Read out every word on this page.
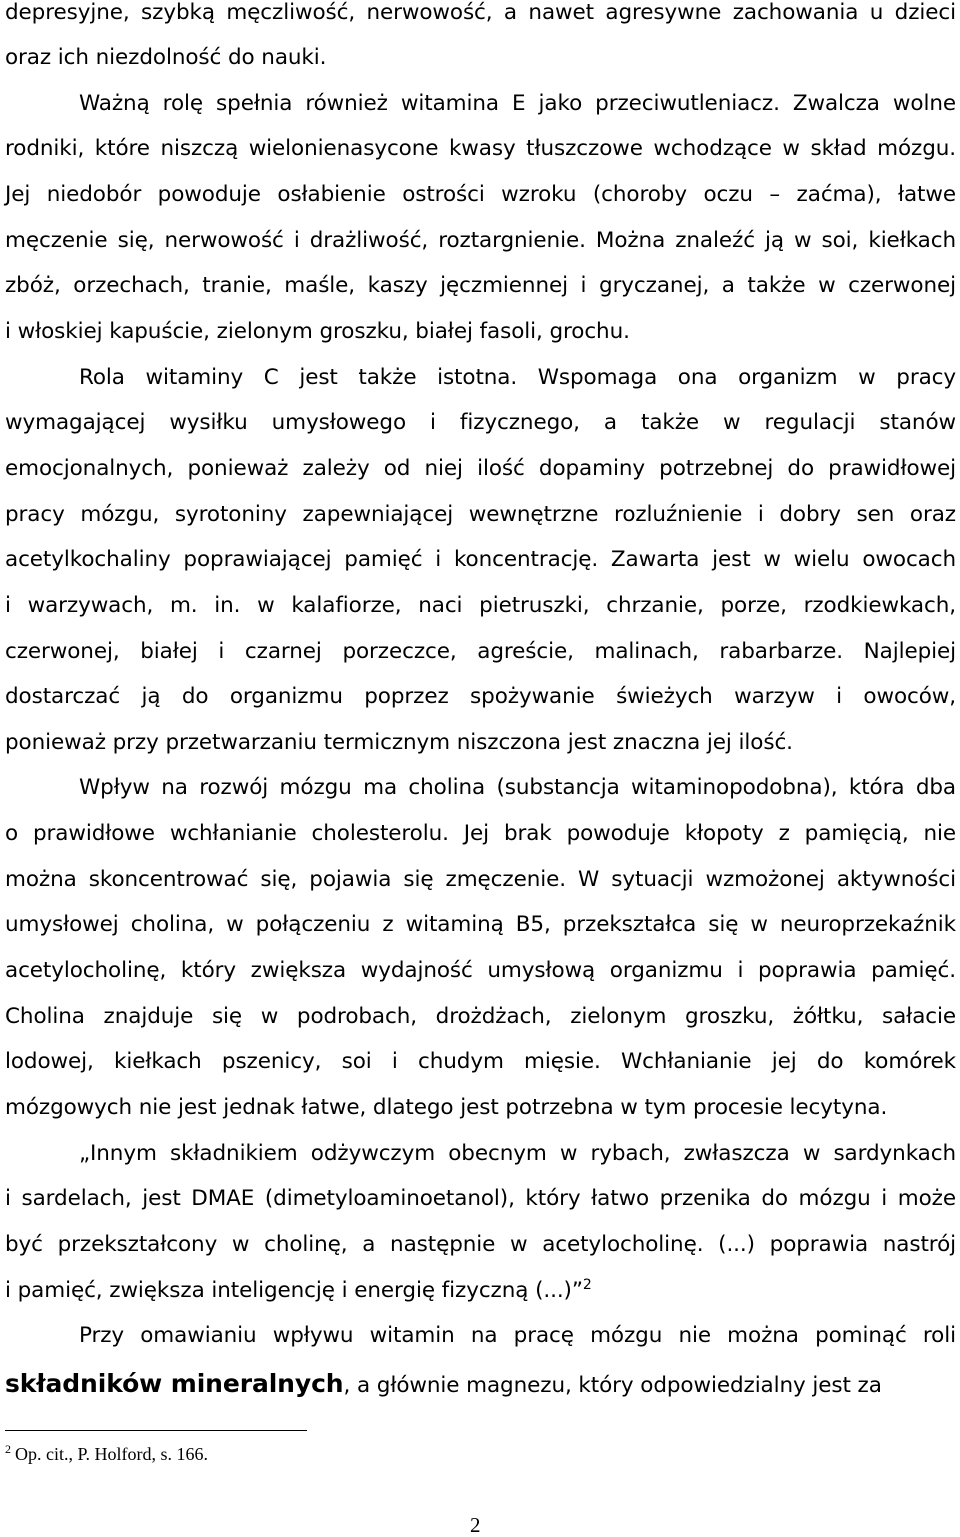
depresyjne, szybką męczliwość, nerwowość, a nawet agresywne zachowania u dzieci
oraz ich niezdolność do nauki.
Ważną rolę spełnia również witamina E jako przeciwutleniacz. Zwalcza wolne
rodniki, które niszczą wielonienasycone kwasy tłuszczowe wchodzące w skład mózgu.
Jej niedobór powoduje osłabienie ostrości wzroku (choroby oczu – zaćma), łatwe
męczenie się, nerwowość i drażliwość, roztargnienie. Można znaleźć ją w soi, kiełkach
zbóż, orzechach, tranie, maśle, kaszy jęczmiennej i gryczanej, a także w czerwonej
i włoskiej kapuście, zielonym groszku, białej fasoli, grochu.
Rola witaminy C jest także istotna. Wspomaga ona organizm w pracy
wymagającej wysiłku umysłowego i fizycznego, a także w regulacji stanów
emocjonalnych, ponieważ zależy od niej ilość dopaminy potrzebnej do prawidłowej
pracy mózgu, syrotoniny zapewniającej wewnętrzne rozluźnienie i dobry sen oraz
acetylkochaliny poprawiającej pamięć i koncentrację. Zawarta jest w wielu owocach
i warzywach, m. in. w kalafiorze, naci pietruszki, chrzanie, porze, rzodkiewkach,
czerwonej, białej i czarnej porzeczce, agreście, malinach, rabarbarze. Najlepiej
dostarczać ją do organizmu poprzez spożywanie świeżych warzyw i owoców,
ponieważ przy przetwarzaniu termicznym niszczona jest znaczna jej ilość.
Wpływ na rozwój mózgu ma cholina (substancja witaminopodobna), która dba
o prawidłowe wchłanianie cholesterolu. Jej brak powoduje kłopoty z pamięcią, nie
można skoncentrować się, pojawia się zmęczenie. W sytuacji wzmożonej aktywności
umysłowej cholina, w połączeniu z witaminą B5, przekształca się w neuroprzekaźnik
acetylocholinę, który zwiększa wydajność umysłową organizmu i poprawia pamięć.
Cholina znajduje się w podrobach, drożdżach, zielonym groszku, żółtku, sałacie
lodowej, kiełkach pszenicy, soi i chudym mięsie. Wchłanianie jej do komórek
mózgowych nie jest jednak łatwe, dlatego jest potrzebna w tym procesie lecytyna.
„Innym składnikiem odżywczym obecnym w rybach, zwłaszcza w sardynkach
i sardelach, jest DMAE (dimetyloaminoetanol), który łatwo przenika do mózgu i może
być przekształcony w cholinę, a następnie w acetylocholinę. (...) poprawia nastrój
i pamięć, zwiększa inteligencję i energię fizyczną (...)”$^2$
Przy omawianiu wpływu witamin na pracę mózgu nie można pominąć roli
składników mineralnych, a głównie magnezu, który odpowiedzialny jest za
$^2$ Op. cit., P. Holford, s. 166.
2
